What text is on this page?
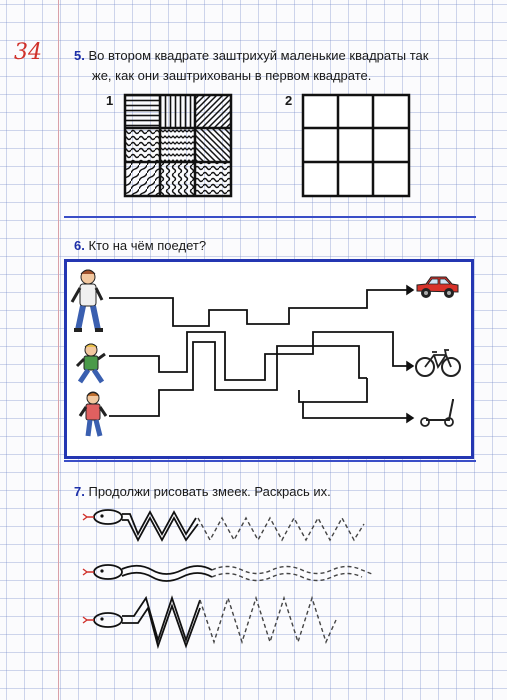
34 5. Во втором квадрате заштрихуй маленькие квадраты так
же, как они заштрихованы в первом квадрате.
1	2
6. Кто на чём поедет?
7. Продолжи рисовать змеек. Раскрась их.
